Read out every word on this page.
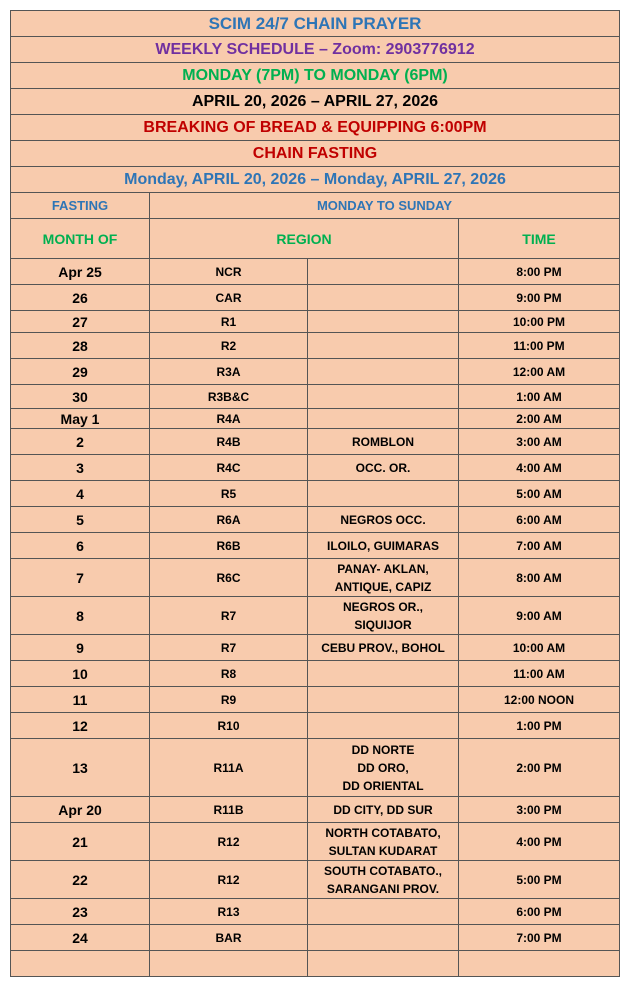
SCIM 24/7 CHAIN PRAYER			
WEEKLY SCHEDULE – Zoom: 2903776912			
MONDAY (7PM) TO MONDAY (6PM)			
APRIL 20, 2026 – APRIL 27, 2026			
BREAKING OF BREAD & EQUIPPING 6:00PM			
CHAIN FASTING			
Monday, APRIL 20, 2026 – Monday, APRIL 27, 2026			
FASTING	MONDAY TO SUNDAY		
MONTH OF	REGION		TIME
Apr 25	NCR		8:00 PM
26	CAR		9:00 PM
27	R1		10:00 PM
28	R2		11:00 PM
29	R3A		12:00 AM
30	R3B&C		1:00 AM
May 1	R4A		2:00 AM
2	R4B	ROMBLON	3:00 AM
3	R4C	OCC. OR.	4:00 AM
4	R5		5:00 AM
5	R6A	NEGROS OCC.	6:00 AM
6	R6B	ILOILO, GUIMARAS	7:00 AM
7	R6C	PANAY- AKLAN,
ANTIQUE, CAPIZ	8:00 AM
8	R7	NEGROS OR.,
SIQUIJOR	9:00 AM
9	R7	CEBU PROV., BOHOL	10:00 AM
10	R8		11:00 AM
11	R9		12:00 NOON
12	R10		1:00 PM
13	R11A	DD NORTE
DD ORO,
DD ORIENTAL	2:00 PM
Apr 20	R11B	DD CITY, DD SUR	3:00 PM
21	R12	NORTH COTABATO,
SULTAN KUDARAT	4:00 PM
22	R12	SOUTH COTABATO.,
SARANGANI PROV.	5:00 PM
23	R13		6:00 PM
24	BAR		7:00 PM
